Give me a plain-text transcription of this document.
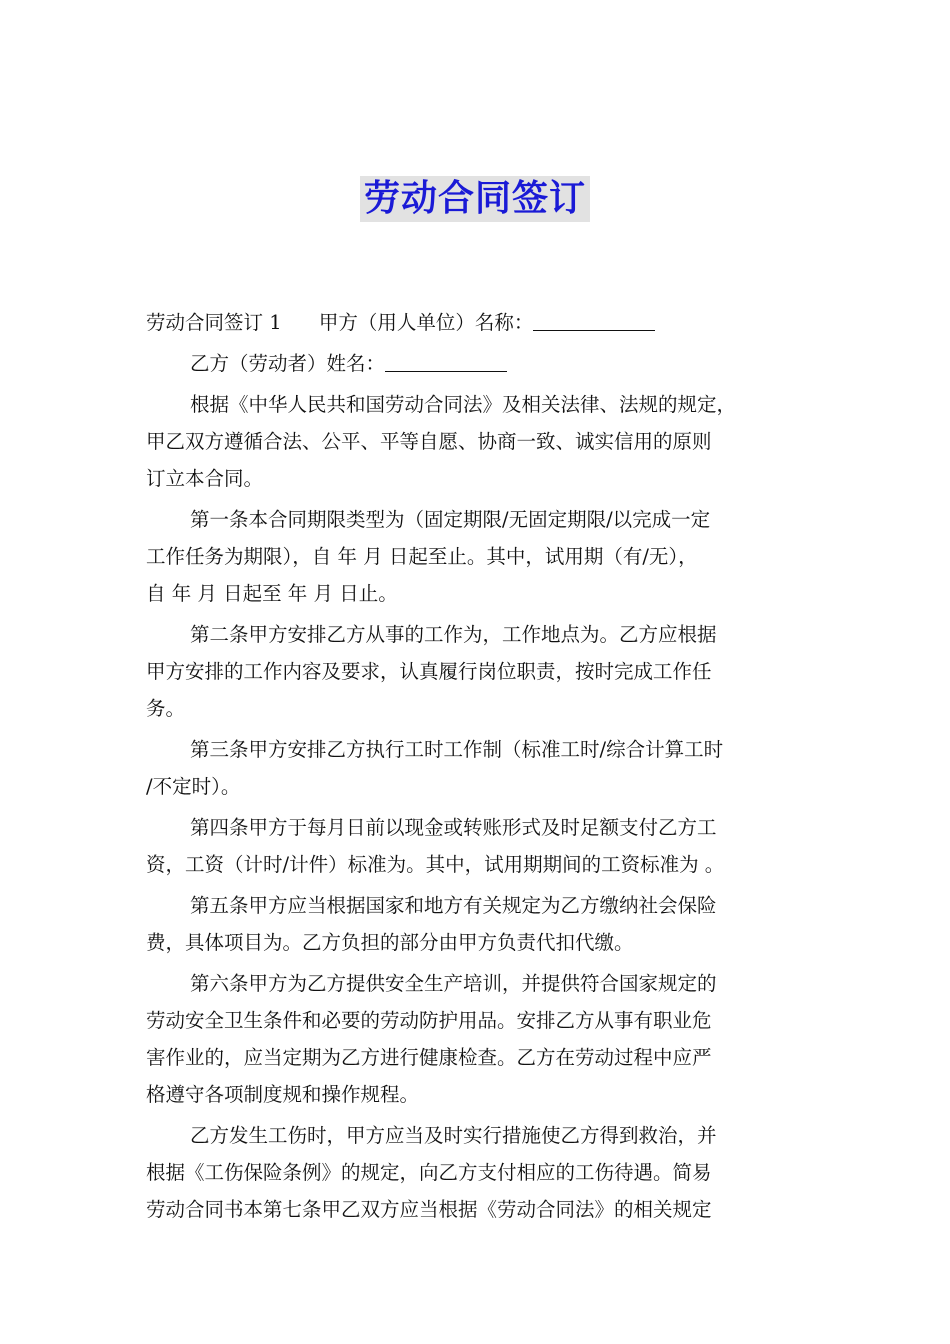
劳动合同签订
劳动合同签订 1 甲方（用人单位）名称：
乙方（劳动者）姓名：
根据《中华人民共和国劳动合同法》及相关法律、法规的规定，
甲乙双方遵循合法、公平、平等自愿、协商一致、诚实信用的原则
订立本合同。
第一条本合同期限类型为（固定期限/无固定期限/以完成一定
工作任务为期限），自 年 月 日起至止。其中，试用期（有/无），
自 年 月 日起至 年 月 日止。
第二条甲方安排乙方从事的工作为，工作地点为。乙方应根据
甲方安排的工作内容及要求，认真履行岗位职责，按时完成工作任
务。
第三条甲方安排乙方执行工时工作制（标准工时/综合计算工时
/不定时）。
第四条甲方于每月日前以现金或转账形式及时足额支付乙方工
资，工资（计时/计件）标准为。其中，试用期期间的工资标准为 。
第五条甲方应当根据国家和地方有关规定为乙方缴纳社会保险
费，具体项目为。乙方负担的部分由甲方负责代扣代缴。
第六条甲方为乙方提供安全生产培训，并提供符合国家规定的
劳动安全卫生条件和必要的劳动防护用品。安排乙方从事有职业危
害作业的，应当定期为乙方进行健康检查。乙方在劳动过程中应严
格遵守各项制度规和操作规程。
乙方发生工伤时，甲方应当及时实行措施使乙方得到救治，并
根据《工伤保险条例》的规定，向乙方支付相应的工伤待遇。简易
劳动合同书本第七条甲乙双方应当根据《劳动合同法》的相关规定
